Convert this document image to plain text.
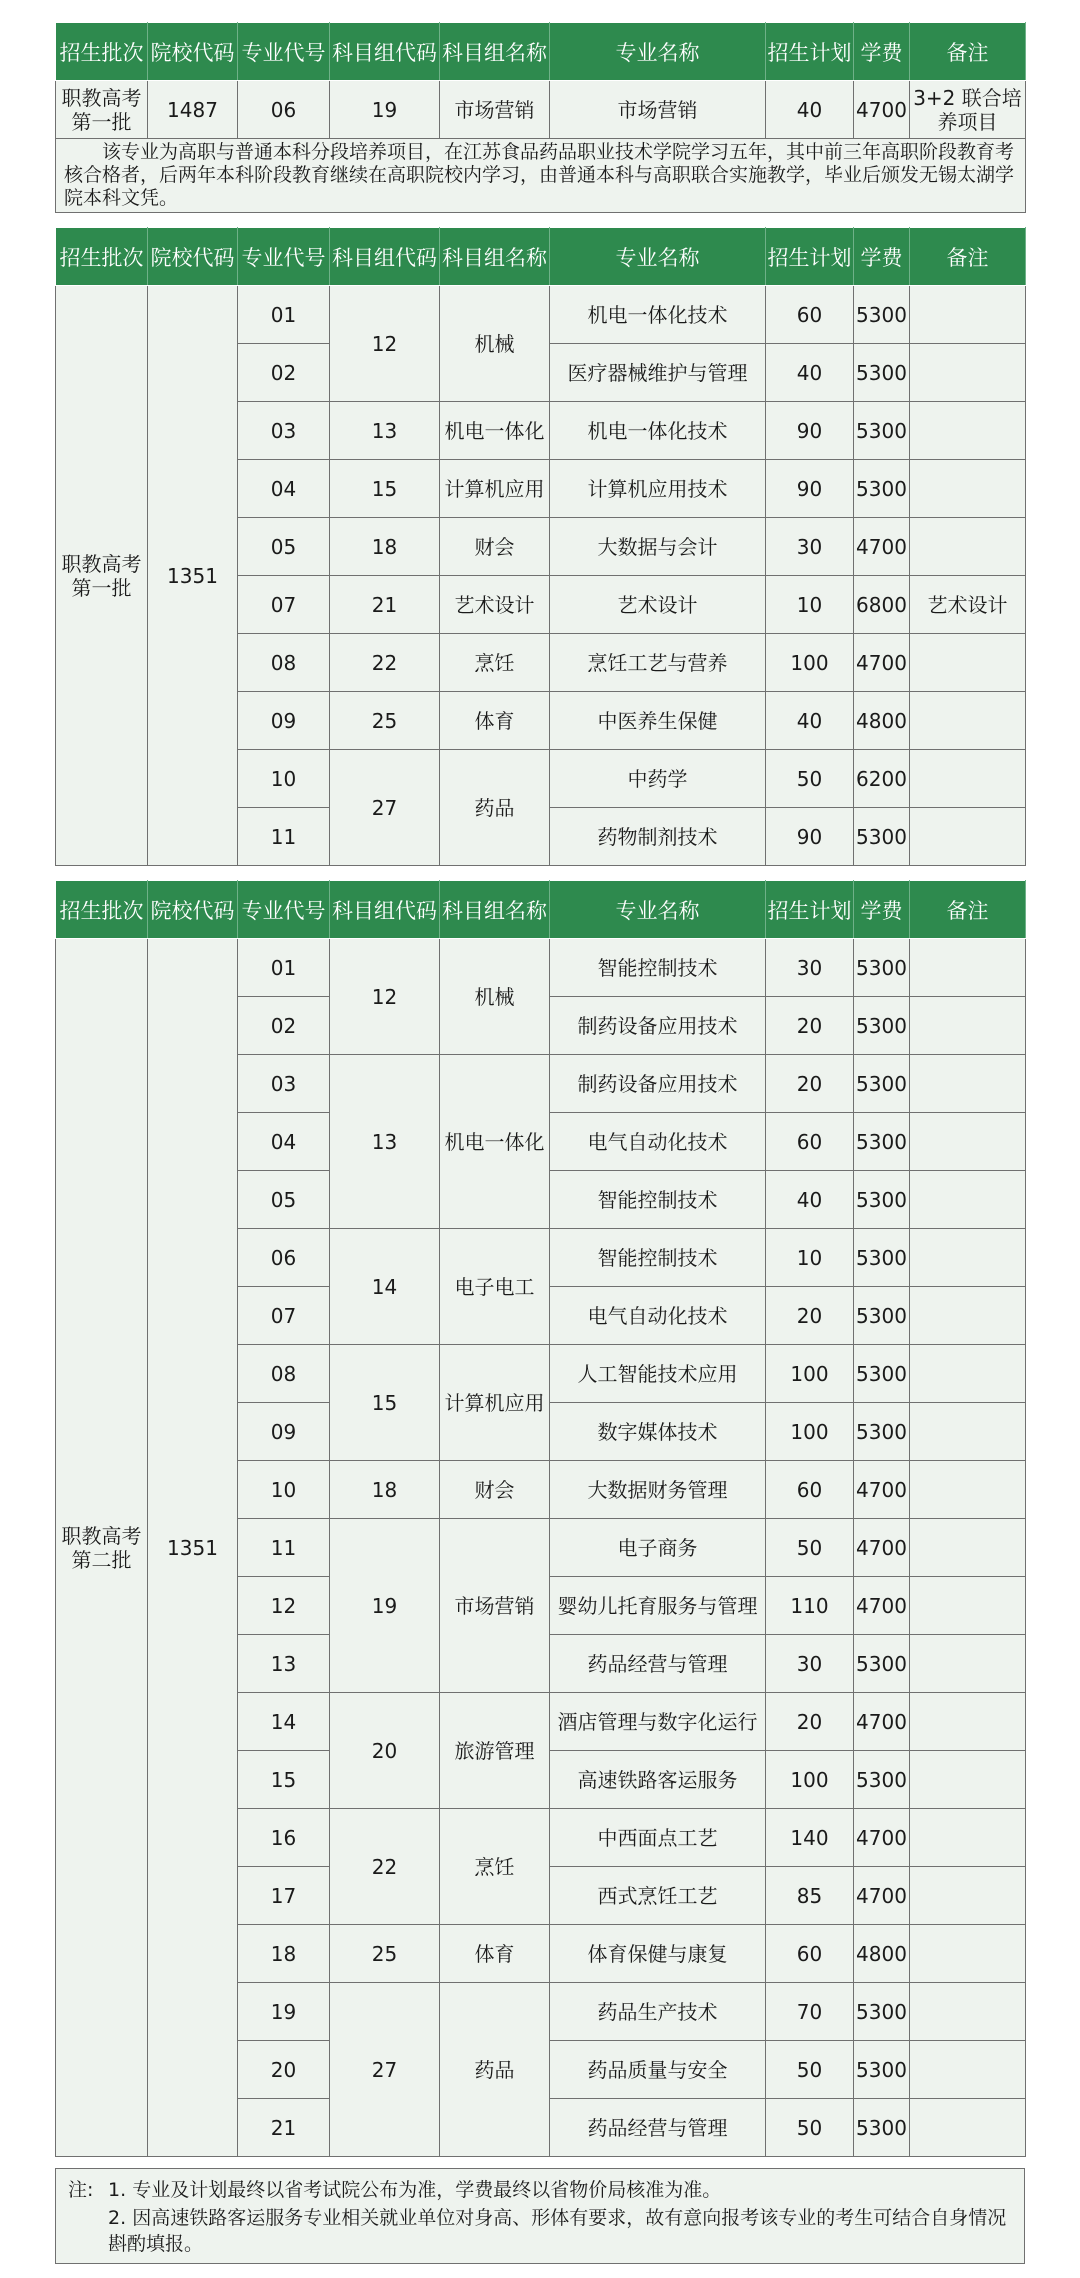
招生批次	院校代码	专业代号	科目组代码	科目组名称	专业名称	招生计划	学费	备注
职教高考第一批	1487	06	19	市场营销	市场营销	40	4700	3+2 联合培养项目
该专业为高职与普通本科分段培养项目，在江苏食品药品职业技术学院学习五年，其中前三年高职阶段教育考核合格者，后两年本科阶段教育继续在高职院校内学习，由普通本科与高职联合实施教学，毕业后颁发无锡太湖学院本科文凭。								
招生批次	院校代码	专业代号	科目组代码	科目组名称	专业名称	招生计划	学费	备注
职教高考第一批	1351	01	12	机械	机电一体化技术	60	5300	
		02			医疗器械维护与管理	40	5300	
		03	13	机电一体化	机电一体化技术	90	5300	
		04	15	计算机应用	计算机应用技术	90	5300	
		05	18	财会	大数据与会计	30	4700	
		07	21	艺术设计	艺术设计	10	6800	艺术设计
		08	22	烹饪	烹饪工艺与营养	100	4700	
		09	25	体育	中医养生保健	40	4800	
		10	27	药品	中药学	50	6200	
		11			药物制剂技术	90	5300	
招生批次	院校代码	专业代号	科目组代码	科目组名称	专业名称	招生计划	学费	备注
职教高考第二批	1351	01	12	机械	智能控制技术	30	5300	
		02			制药设备应用技术	20	5300	
		03	13	机电一体化	制药设备应用技术	20	5300	
		04			电气自动化技术	60	5300	
		05			智能控制技术	40	5300	
		06	14	电子电工	智能控制技术	10	5300	
		07			电气自动化技术	20	5300	
		08	15	计算机应用	人工智能技术应用	100	5300	
		09			数字媒体技术	100	5300	
		10	18	财会	大数据财务管理	60	4700	
		11	19	市场营销	电子商务	50	4700	
		12			婴幼儿托育服务与管理	110	4700	
		13			药品经营与管理	30	5300	
		14	20	旅游管理	酒店管理与数字化运行	20	4700	
		15			高速铁路客运服务	100	5300	
		16	22	烹饪	中西面点工艺	140	4700	
		17			西式烹饪工艺	85	4700	
		18	25	体育	体育保健与康复	60	4800	
		19	27	药品	药品生产技术	70	5300	
		20			药品质量与安全	50	5300	
		21			药品经营与管理	50	5300	
注: 1. 专业及计划最终以省考试院公布为准，学费最终以省物价局核准为准。
2. 因高速铁路客运服务专业相关就业单位对身高、形体有要求，故有意向报考该专业的考生可结合自身情况斟酌填报。
